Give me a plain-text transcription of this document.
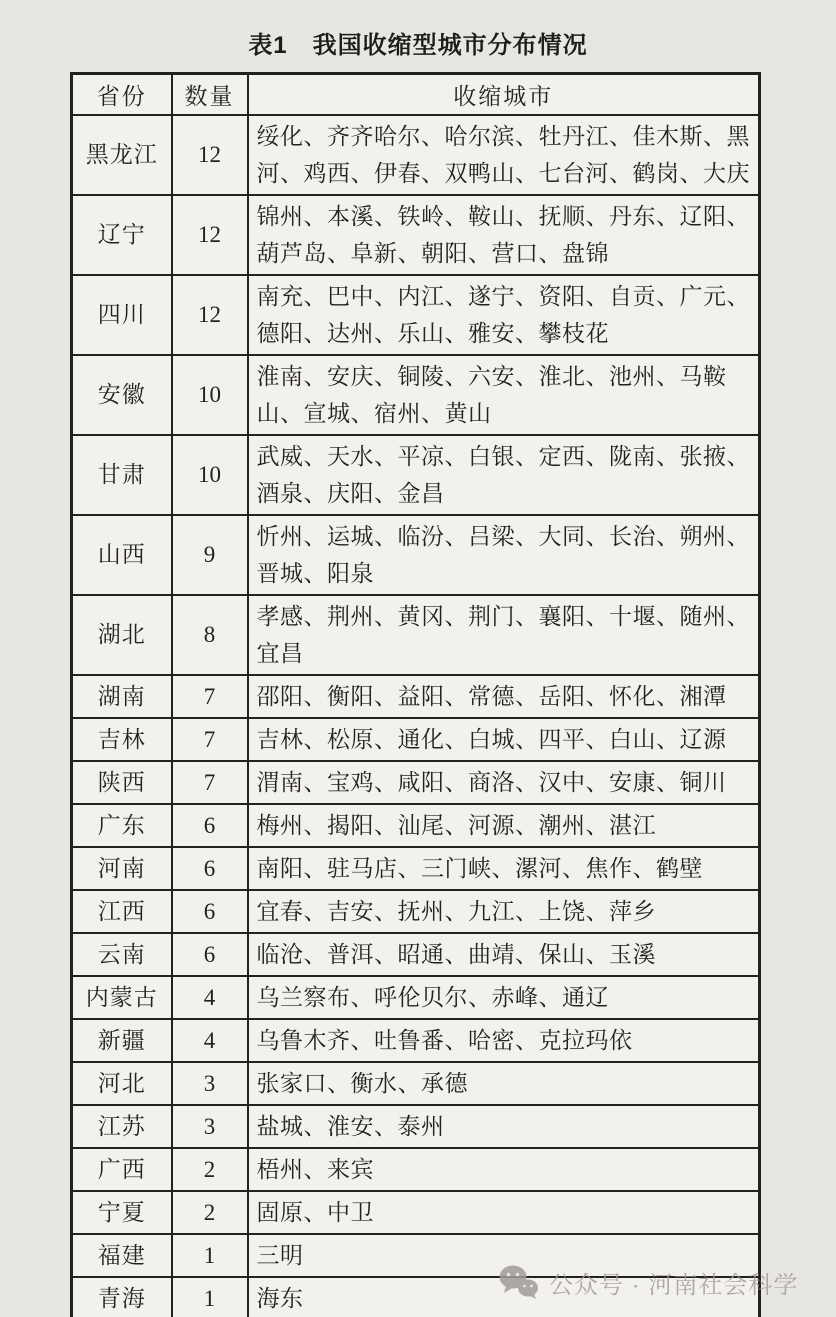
表1　我国收缩型城市分布情况
省份	数量	收缩城市
黑龙江	12	绥化、齐齐哈尔、哈尔滨、牡丹江、佳木斯、黑河、鸡西、伊春、双鸭山、七台河、鹤岗、大庆
辽宁	12	锦州、本溪、铁岭、鞍山、抚顺、丹东、辽阳、葫芦岛、阜新、朝阳、营口、盘锦
四川	12	南充、巴中、内江、遂宁、资阳、自贡、广元、德阳、达州、乐山、雅安、攀枝花
安徽	10	淮南、安庆、铜陵、六安、淮北、池州、马鞍山、宣城、宿州、黄山
甘肃	10	武威、天水、平凉、白银、定西、陇南、张掖、酒泉、庆阳、金昌
山西	9	忻州、运城、临汾、吕梁、大同、长治、朔州、晋城、阳泉
湖北	8	孝感、荆州、黄冈、荆门、襄阳、十堰、随州、宜昌
湖南	7	邵阳、衡阳、益阳、常德、岳阳、怀化、湘潭
吉林	7	吉林、松原、通化、白城、四平、白山、辽源
陕西	7	渭南、宝鸡、咸阳、商洛、汉中、安康、铜川
广东	6	梅州、揭阳、汕尾、河源、潮州、湛江
河南	6	南阳、驻马店、三门峡、漯河、焦作、鹤壁
江西	6	宜春、吉安、抚州、九江、上饶、萍乡
云南	6	临沧、普洱、昭通、曲靖、保山、玉溪
内蒙古	4	乌兰察布、呼伦贝尔、赤峰、通辽
新疆	4	乌鲁木齐、吐鲁番、哈密、克拉玛依
河北	3	张家口、衡水、承德
江苏	3	盐城、淮安、泰州
广西	2	梧州、来宾
宁夏	2	固原、中卫
福建	1	三明
青海	1	海东	公众号 · 河南社会科学
